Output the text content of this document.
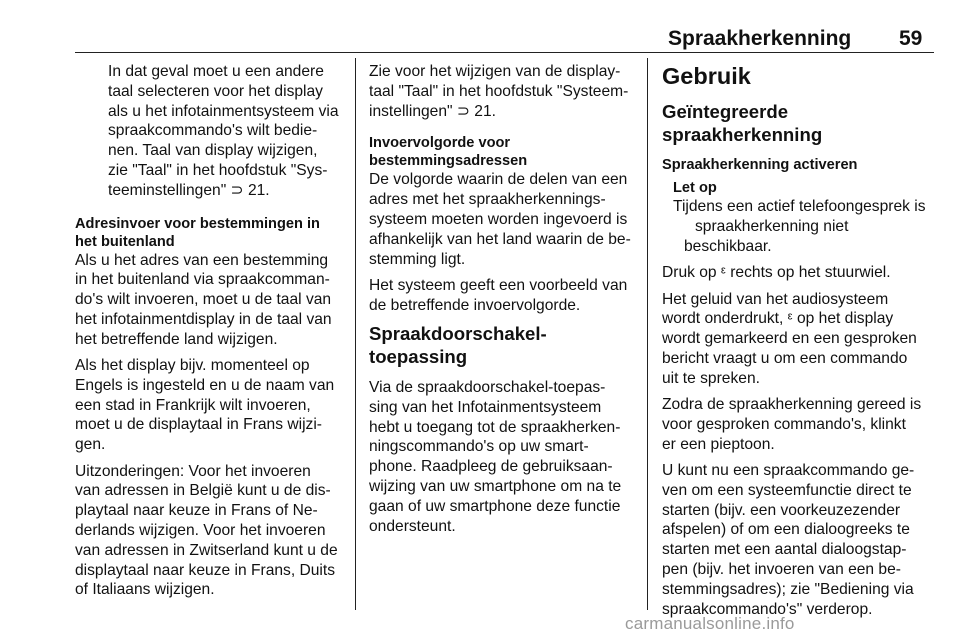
Spraakherkenning 59

In dat geval moet u een andere
taal selecteren voor het display
als u het infotainmentsysteem via
spraakcommando's wilt bedie-
nen. Taal van display wijzigen,
zie "Taal" in het hoofdstuk "Sys-
teeminstellingen" ⊃ 21.

Adresinvoer voor bestemmingen in
het buitenland

Als u het adres van een bestemming
in het buitenland via spraakcomman-
do's wilt invoeren, moet u de taal van
het infotainmentdisplay in de taal van
het betreffende land wijzigen.

Als het display bijv. momenteel op
Engels is ingesteld en u de naam van
een stad in Frankrijk wilt invoeren,
moet u de displaytaal in Frans wijzi-
gen.

Uitzonderingen: Voor het invoeren
van adressen in België kunt u de dis-
playtaal naar keuze in Frans of Ne-
derlands wijzigen. Voor het invoeren
van adressen in Zwitserland kunt u de
displaytaal naar keuze in Frans, Duits
of Italiaans wijzigen.

Zie voor het wijzigen van de display-
taal "Taal" in het hoofdstuk "Systeem-
instellingen" ⊃ 21.

Invoervolgorde voor
bestemmingsadressen

De volgorde waarin de delen van een
adres met het spraakherkennings-
systeem moeten worden ingevoerd is
afhankelijk van het land waarin de be-
stemming ligt.

Het systeem geeft een voorbeeld van
de betreffende invoervolgorde.

Spraakdoorschakel-toepassing

Via de spraakdoorschakel-toepas-
sing van het Infotainmentsysteem
hebt u toegang tot de spraakherken-
ningscommando's op uw smart-
phone. Raadpleeg de gebruiksaan-
wijzing van uw smartphone om na te
gaan of uw smartphone deze functie
ondersteunt.

Gebruik
Geïntegreerde spraakherkenning
Spraakherkenning activeren
Let op
Tijdens een actief telefoongesprek is
spraakherkenning niet beschikbaar.

Druk op ᵋ rechts op het stuurwiel.

Het geluid van het audiosysteem
wordt onderdrukt, ᵋ op het display
wordt gemarkeerd en een gesproken
bericht vraagt u om een commando
uit te spreken.

Zodra de spraakherkenning gereed is
voor gesproken commando's, klinkt
er een pieptoon.

U kunt nu een spraakcommando ge-
ven om een systeemfunctie direct te
starten (bijv. een voorkeuzezender
afspelen) of om een dialoogreeks te
starten met een aantal dialoogstap-
pen (bijv. het invoeren van een be-
stemmingsadres); zie "Bediening via
spraakcommando's" verderop.

carmanualsonline.info
